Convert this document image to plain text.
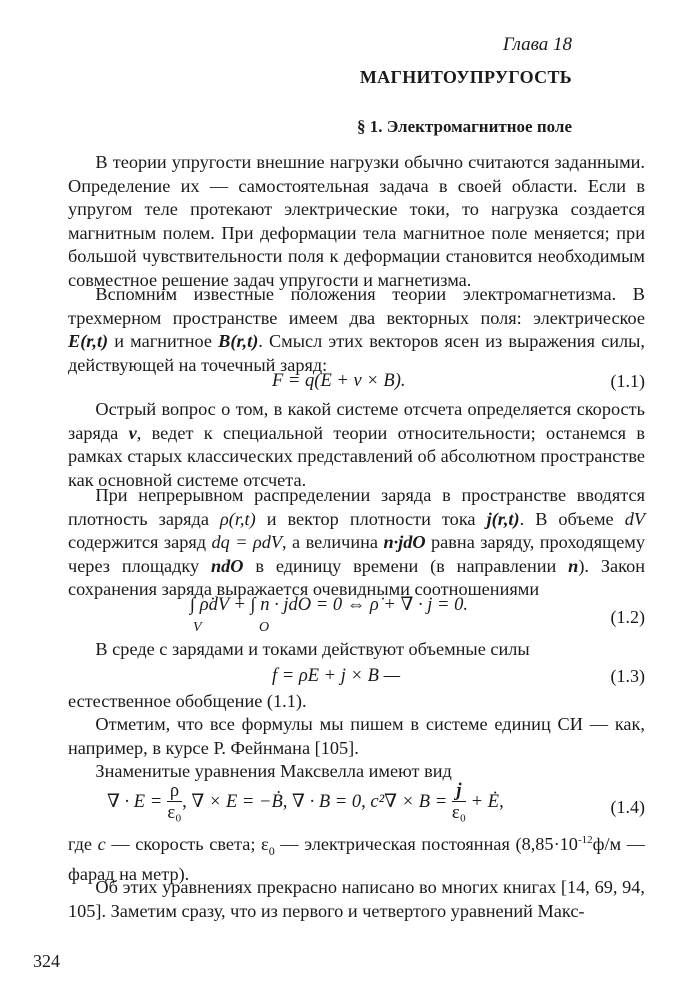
Глава 18
МАГНИТОУПРУГОСТЬ
§ 1. Электромагнитное поле

  В теории упругости внешние нагрузки обычно считаются заданными. Определение их — самостоятельная задача в своей области. Если в упругом теле протекают электрические токи, то нагрузка создается магнитным полем. При деформации тела магнитное поле меняется; при большой чувствительности поля к деформации становится необходимым совместное решение задач упругости и магнетизма.

  Вспомним известные положения теории электромагнетизма. В трехмерном пространстве имеем два векторных поля: электрическое E(r,t) и магнитное B(r,t). Смысл этих векторов ясен из выражения силы, действующей на точечный заряд:

F = q(E + v × B).	(1.1)

  Острый вопрос о том, в какой системе отсчета определяется скорость заряда v, ведет к специальной теории относительности; останемся в рамках старых классических представлений об абсолютном пространстве как основной системе отсчета.

  При непрерывном распределении заряда в пространстве вводятся плотность заряда ρ(r,t) и вектор плотности тока j(r,t). В объеме dV содержится заряд dq = ρdV, а величина n·jdO равна заряду, проходящему через площадку ndO в единицу времени (в направлении n). Закон сохранения заряда выражается очевидными соотношениями

∫ ρ̇dV + ∫ n · jdO = 0 ⇔ ρ̇ + ∇ · j = 0.
V	O
(1.2)

  В среде с зарядами и токами действуют объемные силы

f = ρE + j × B —	(1.3)

естественное обобщение (1.1).

  Отметим, что все формулы мы пишем в системе единиц СИ — как, например, в курсе Р. Фейнмана [105].

  Знаменитые уравнения Максвелла имеют вид

∇ · $E = \frac{\rho}{\text{ε₀}}$ , ∇ × E = −Ḃ, ∇ · B = 0, $c^2\nabla \times B = \frac{j}{\text{ε₀}}$ + Ė,	(1.4)

где c — скорость света; $\varepsilon_0$ — электрическая постоянная ($8,85\cdot 10^{-12}ф/м$ — фарад на метр).

  Об этих уравнениях прекрасно написано во многих книгах [14, 69, 94, 105]. Заметим сразу, что из первого и четвертого уравнений Макс-

324
